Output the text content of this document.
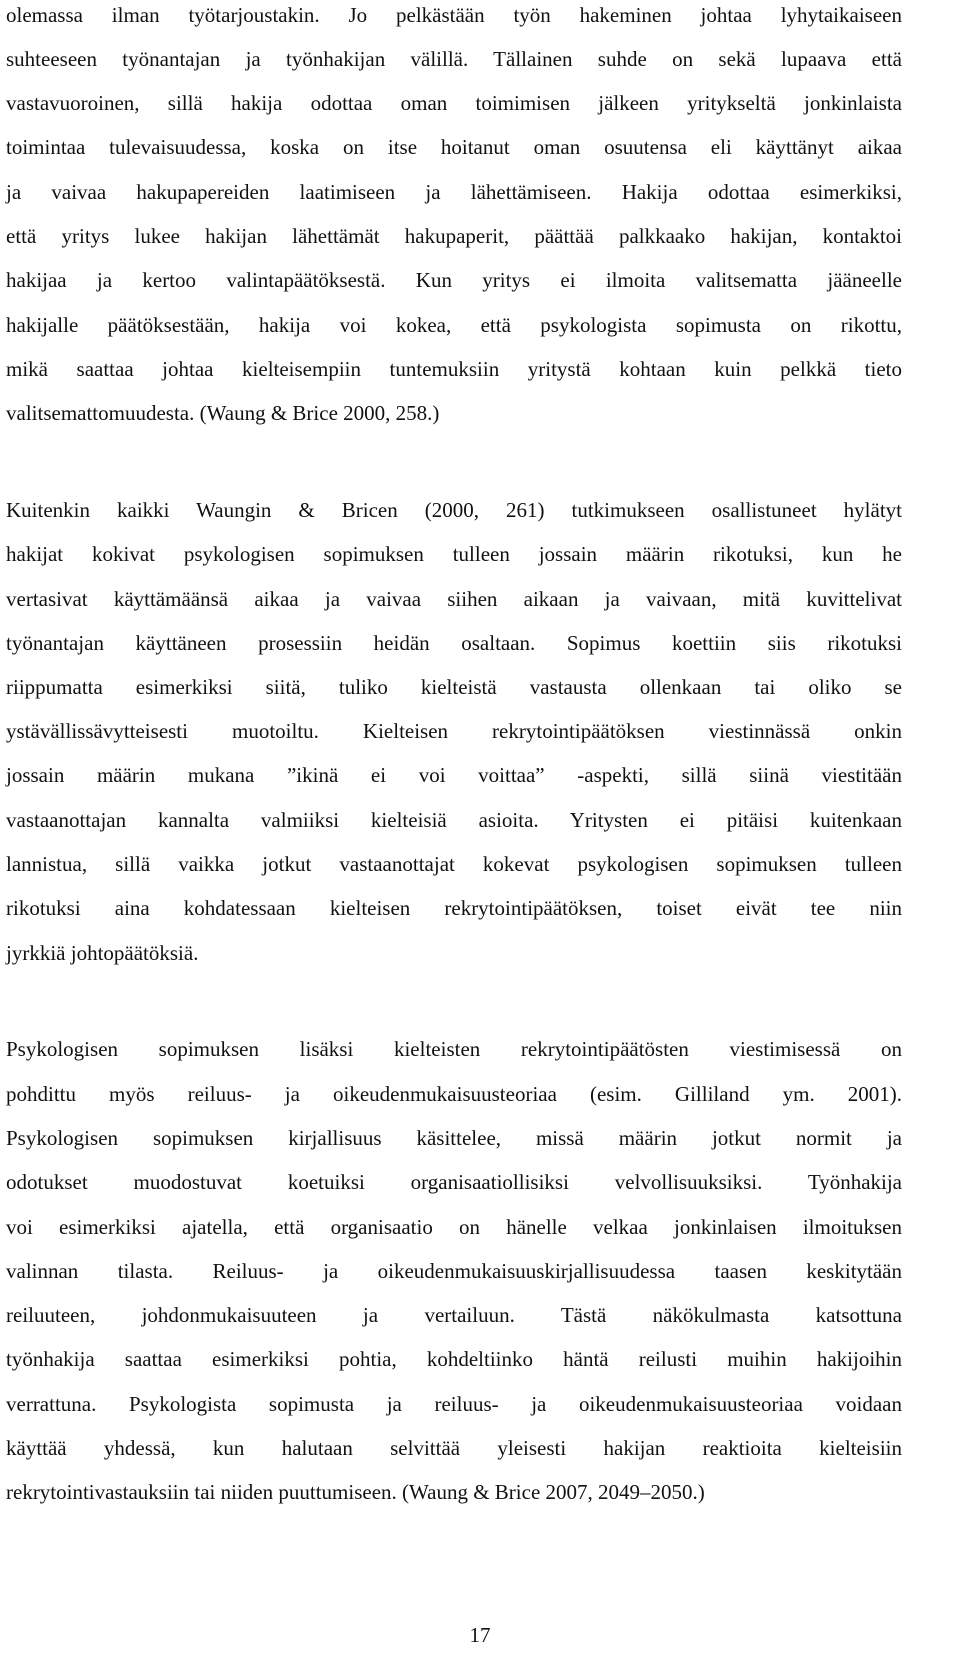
olemassa ilman työtarjoustakin. Jo pelkästään työn hakeminen johtaa lyhytaikaiseen

suhteeseen työnantajan ja työnhakijan välillä. Tällainen suhde on sekä lupaava että

vastavuoroinen, sillä hakija odottaa oman toimimisen jälkeen yritykseltä jonkinlaista

toimintaa tulevaisuudessa, koska on itse hoitanut oman osuutensa eli käyttänyt aikaa

ja vaivaa hakupapereiden laatimiseen ja lähettämiseen. Hakija odottaa esimerkiksi,

että yritys lukee hakijan lähettämät hakupaperit, päättää palkkaako hakijan, kontaktoi

hakijaa ja kertoo valintapäätöksestä. Kun yritys ei ilmoita valitsematta jääneelle

hakijalle päätöksestään, hakija voi kokea, että psykologista sopimusta on rikottu,

mikä saattaa johtaa kielteisempiin tuntemuksiin yritystä kohtaan kuin pelkkä tieto

valitsemattomuudesta. (Waung & Brice 2000, 258.)

Kuitenkin kaikki Waungin & Bricen (2000, 261) tutkimukseen osallistuneet hylätyt

hakijat kokivat psykologisen sopimuksen tulleen jossain määrin rikotuksi, kun he

vertasivat käyttämäänsä aikaa ja vaivaa siihen aikaan ja vaivaan, mitä kuvittelivat

työnantajan käyttäneen prosessiin heidän osaltaan. Sopimus koettiin siis rikotuksi

riippumatta esimerkiksi siitä, tuliko kielteistä vastausta ollenkaan tai oliko se

ystävällissävytteisesti muotoiltu. Kielteisen rekrytointipäätöksen viestinnässä onkin

jossain määrin mukana ”ikinä ei voi voittaa” -aspekti, sillä siinä viestitään

vastaanottajan kannalta valmiiksi kielteisiä asioita. Yritysten ei pitäisi kuitenkaan

lannistua, sillä vaikka jotkut vastaanottajat kokevat psykologisen sopimuksen tulleen

rikotuksi aina kohdatessaan kielteisen rekrytointipäätöksen, toiset eivät tee niin

jyrkkiä johtopäätöksiä.

Psykologisen sopimuksen lisäksi kielteisten rekrytointipäätösten viestimisessä on

pohdittu myös reiluus- ja oikeudenmukaisuusteoriaa (esim. Gilliland ym. 2001).

Psykologisen sopimuksen kirjallisuus käsittelee, missä määrin jotkut normit ja

odotukset muodostuvat koetuiksi organisaatiollisiksi velvollisuuksiksi. Työnhakija

voi esimerkiksi ajatella, että organisaatio on hänelle velkaa jonkinlaisen ilmoituksen

valinnan tilasta. Reiluus- ja oikeudenmukaisuuskirjallisuudessa taasen keskitytään

reiluuteen, johdonmukaisuuteen ja vertailuun. Tästä näkökulmasta katsottuna

työnhakija saattaa esimerkiksi pohtia, kohdeltiinko häntä reilusti muihin hakijoihin

verrattuna. Psykologista sopimusta ja reiluus- ja oikeudenmukaisuusteoriaa voidaan

käyttää yhdessä, kun halutaan selvittää yleisesti hakijan reaktioita kielteisiin

rekrytointivastauksiin tai niiden puuttumiseen. (Waung & Brice 2007, 2049–2050.)

17
